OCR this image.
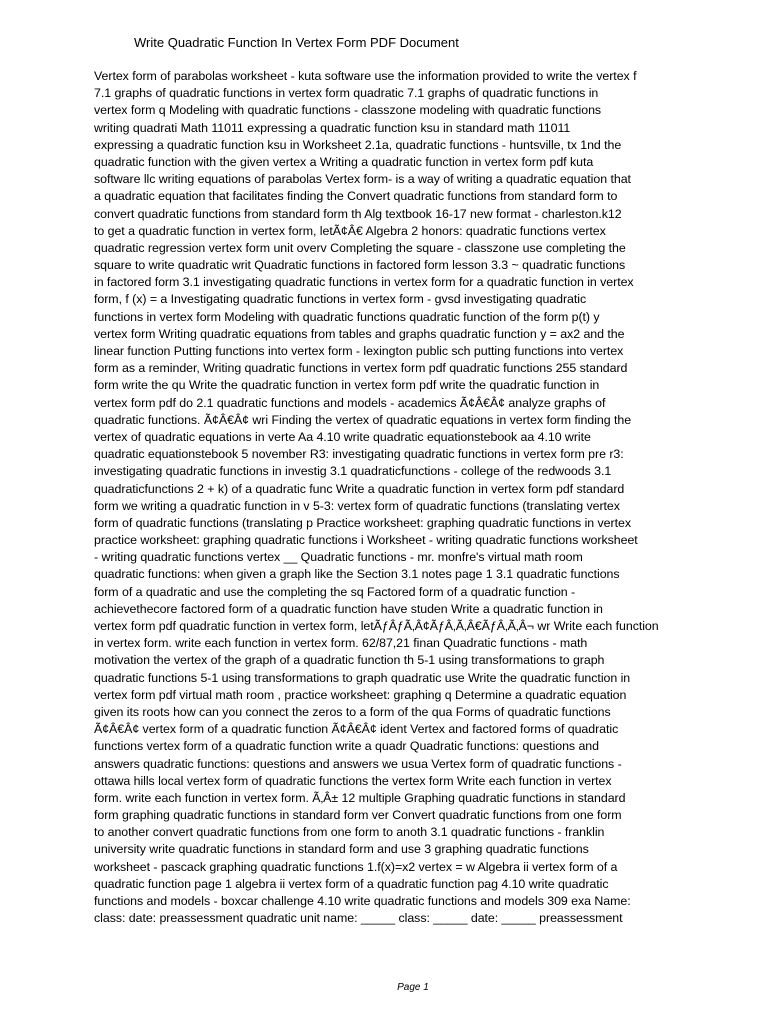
Write Quadratic Function In Vertex Form PDF Document
Vertex form of parabolas worksheet - kuta software use the information provided to write the vertex f
7.1 graphs of quadratic functions in vertex form quadratic 7.1 graphs of quadratic functions in
vertex form q Modeling with quadratic functions - classzone modeling with quadratic functions
writing quadrati Math 11011 expressing a quadratic function ksu in standard math 11011
expressing a quadratic function ksu in Worksheet 2.1a, quadratic functions - huntsville, tx 1nd the
quadratic function with the given vertex a Writing a quadratic function in vertex form pdf kuta
software llc writing equations of parabolas Vertex form- is a way of writing a quadratic equation that
a quadratic equation that facilitates finding the Convert quadratic functions from standard form to
convert quadratic functions from standard form th Alg textbook 16-17 new format - charleston.k12
to get a quadratic function in vertex form, letÃ¢Â€ Algebra 2 honors: quadratic functions vertex
quadratic regression vertex form unit overv Completing the square - classzone use completing the
square to write quadratic writ Quadratic functions in factored form lesson 3.3 ~ quadratic functions
in factored form 3.1 investigating quadratic functions in vertex form for a quadratic function in vertex
form, f (x) = a Investigating quadratic functions in vertex form - gvsd investigating quadratic
functions in vertex form Modeling with quadratic functions quadratic function of the form p(t) y
vertex form Writing quadratic equations from tables and graphs quadratic function y = ax2 and the
linear function Putting functions into vertex form - lexington public sch putting functions into vertex
form as a reminder, Writing quadratic functions in vertex form pdf quadratic functions 255 standard
form write the qu Write the quadratic function in vertex form pdf write the quadratic function in
vertex form pdf do 2.1 quadratic functions and models - academics Ã¢Â€Â¢ analyze graphs of
quadratic functions. Ã¢Â€Â¢ wri Finding the vertex of quadratic equations in vertex form finding the
vertex of quadratic equations in verte Aa 4.10 write quadratic equationstebook aa 4.10 write
quadratic equationstebook 5 november R3: investigating quadratic functions in vertex form pre r3:
investigating quadratic functions in investig 3.1 quadraticfunctions - college of the redwoods 3.1
quadraticfunctions 2 + k) of a quadratic func Write a quadratic function in vertex form pdf standard
form we writing a quadratic function in v 5-3: vertex form of quadratic functions (translating vertex
form of quadratic functions (translating p Practice worksheet: graphing quadratic functions in vertex
practice worksheet: graphing quadratic functions i Worksheet - writing quadratic functions worksheet
- writing quadratic functions vertex __ Quadratic functions - mr. monfre's virtual math room
quadratic functions: when given a graph like the Section 3.1 notes page 1 3.1 quadratic functions
form of a quadratic and use the completing the sq Factored form of a quadratic function -
achievethecore factored form of a quadratic function have studen Write a quadratic function in
vertex form pdf quadratic function in vertex form, letÃƒÂƒÃ‚Â¢ÃƒÂ‚Ã‚Â€ÃƒÂ‚Ã‚Â¬ wr Write each function
in vertex form. write each function in vertex form. 62/87,21 finan Quadratic functions - math
motivation the vertex of the graph of a quadratic function th 5-1 using transformations to graph
quadratic functions 5-1 using transformations to graph quadratic use Write the quadratic function in
vertex form pdf virtual math room , practice worksheet: graphing q Determine a quadratic equation
given its roots how can you connect the zeros to a form of the qua Forms of quadratic functions
Ã¢Â€Â¢ vertex form of a quadratic function Ã¢Â€Â¢ ident Vertex and factored forms of quadratic
functions vertex form of a quadratic function write a quadr Quadratic functions: questions and
answers quadratic functions: questions and answers we usua Vertex form of quadratic functions -
ottawa hills local vertex form of quadratic functions the vertex form Write each function in vertex
form. write each function in vertex form. Ã‚Â± 12 multiple Graphing quadratic functions in standard
form graphing quadratic functions in standard form ver Convert quadratic functions from one form
to another convert quadratic functions from one form to anoth 3.1 quadratic functions - franklin
university write quadratic functions in standard form and use 3 graphing quadratic functions
worksheet - pascack graphing quadratic functions 1.f(x)=x2 vertex = w Algebra ii vertex form of a
quadratic function page 1 algebra ii vertex form of a quadratic function pag 4.10 write quadratic
functions and models - boxcar challenge 4.10 write quadratic functions and models 309 exa Name:
class: date: preassessment quadratic unit name: _____ class: _____ date: _____ preassessment
Page 1
